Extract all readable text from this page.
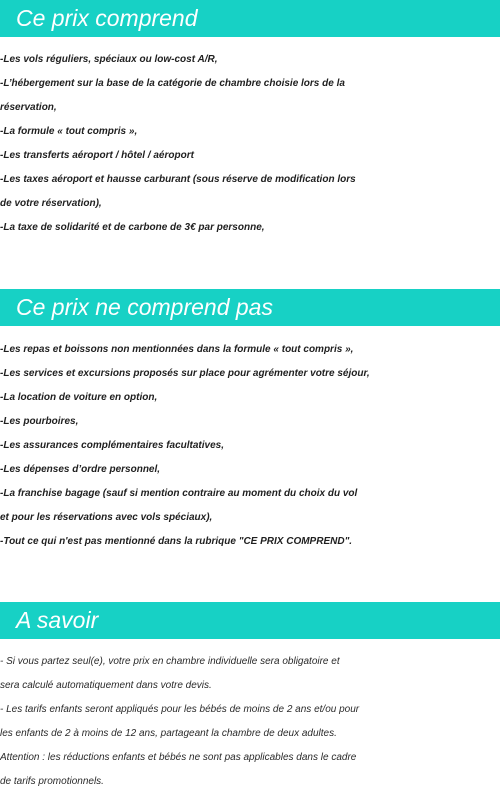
Ce prix comprend
-Les vols réguliers, spéciaux ou low-cost A/R,
-L’hébergement sur la base de la catégorie de chambre choisie lors de la
réservation,
-La formule « tout compris »,
-Les transferts aéroport / hôtel / aéroport
-Les taxes aéroport et hausse carburant (sous réserve de modification lors
de votre réservation),
-La taxe de solidarité et de carbone de 3€ par personne,
Ce prix ne comprend pas
-Les repas et boissons non mentionnées dans la formule « tout compris »,
-Les services et excursions proposés sur place pour agrémenter votre séjour,
-La location de voiture en option,
-Les pourboires,
-Les assurances complémentaires facultatives,
-Les dépenses d’ordre personnel,
-La franchise bagage (sauf si mention contraire au moment du choix du vol
et pour les réservations avec vols spéciaux),
-Tout ce qui n'est pas mentionné dans la rubrique "CE PRIX COMPREND".
A savoir
- Si vous partez seul(e), votre prix en chambre individuelle sera obligatoire et
sera calculé automatiquement dans votre devis.
- Les tarifs enfants seront appliqués pour les bébés de moins de 2 ans et/ou pour
les enfants de 2 à moins de 12 ans, partageant la chambre de deux adultes.
Attention : les réductions enfants et bébés ne sont pas applicables dans le cadre
de tarifs promotionnels.
